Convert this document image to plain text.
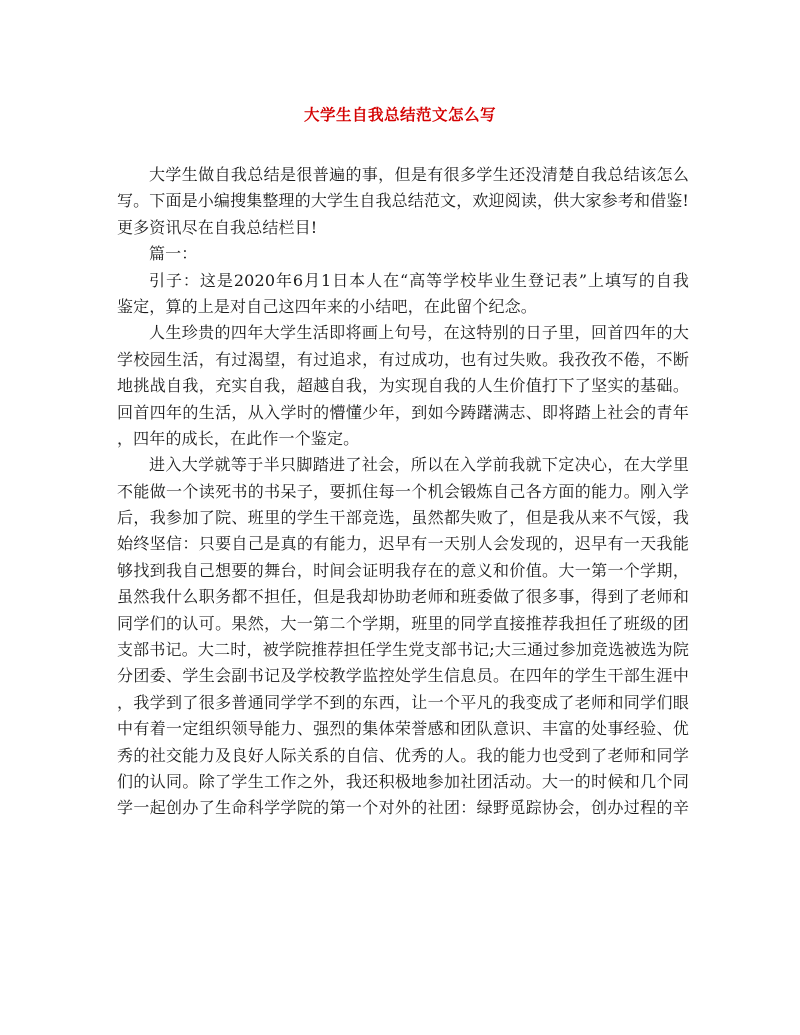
大学生自我总结范文怎么写
大学生做自我总结是很普遍的事，但是有很多学生还没清楚自我总结该怎么
写。下面是小编搜集整理的大学生自我总结范文，欢迎阅读，供大家参考和借鉴!
更多资讯尽在自我总结栏目!
篇一：
引子：这是2020年6月1日本人在“高等学校毕业生登记表”上填写的自我
鉴定，算的上是对自己这四年来的小结吧，在此留个纪念。
人生珍贵的四年大学生活即将画上句号，在这特别的日子里，回首四年的大
学校园生活，有过渴望，有过追求，有过成功，也有过失败。我孜孜不倦，不断
地挑战自我，充实自我，超越自我，为实现自我的人生价值打下了坚实的基础。
回首四年的生活，从入学时的懵懂少年，到如今踌躇满志、即将踏上社会的青年
，四年的成长，在此作一个鉴定。
进入大学就等于半只脚踏进了社会，所以在入学前我就下定决心，在大学里
不能做一个读死书的书呆子，要抓住每一个机会锻炼自己各方面的能力。刚入学
后，我参加了院、班里的学生干部竞选，虽然都失败了，但是我从来不气馁，我
始终坚信：只要自己是真的有能力，迟早有一天别人会发现的，迟早有一天我能
够找到我自己想要的舞台，时间会证明我存在的意义和价值。大一第一个学期，
虽然我什么职务都不担任，但是我却协助老师和班委做了很多事，得到了老师和
同学们的认可。果然，大一第二个学期，班里的同学直接推荐我担任了班级的团
支部书记。大二时，被学院推荐担任学生党支部书记;大三通过参加竞选被选为院
分团委、学生会副书记及学校教学监控处学生信息员。在四年的学生干部生涯中
，我学到了很多普通同学学不到的东西，让一个平凡的我变成了老师和同学们眼
中有着一定组织领导能力、强烈的集体荣誉感和团队意识、丰富的处事经验、优
秀的社交能力及良好人际关系的自信、优秀的人。我的能力也受到了老师和同学
们的认同。除了学生工作之外，我还积极地参加社团活动。大一的时候和几个同
学一起创办了生命科学学院的第一个对外的社团：绿野觅踪协会，创办过程的辛
